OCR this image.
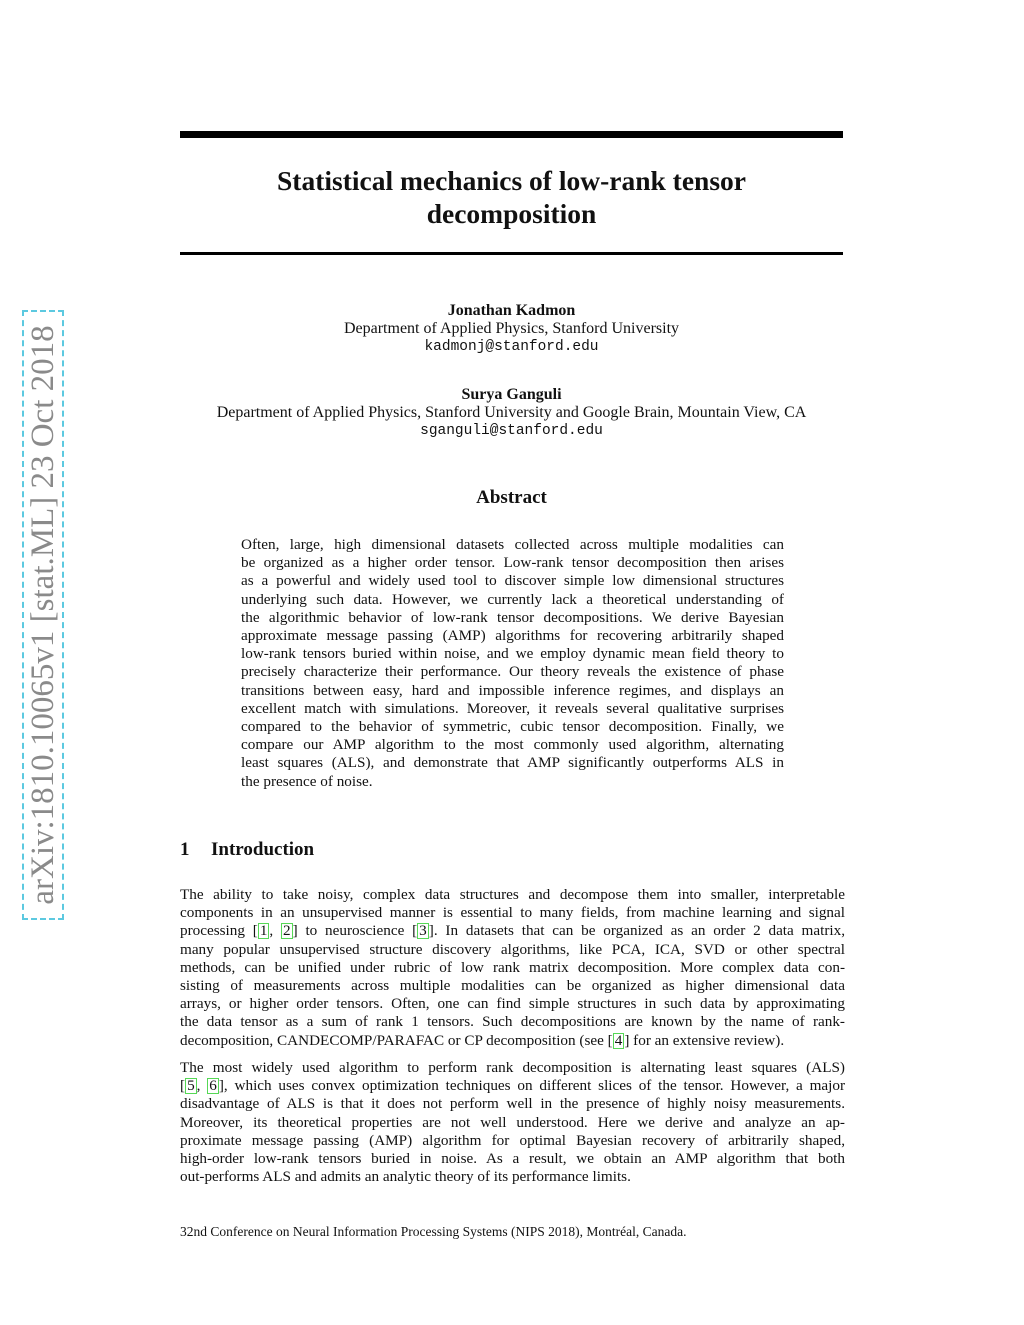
arXiv:1810.10065v1 [stat.ML] 23 Oct 2018
Statistical mechanics of low-rank tensor
decomposition
Jonathan Kadmon
Department of Applied Physics, Stanford University
kadmonj@stanford.edu
Surya Ganguli
Department of Applied Physics, Stanford University and Google Brain, Mountain View, CA
sganguli@stanford.edu
Abstract
Often, large, high dimensional datasets collected across multiple modalities can
be organized as a higher order tensor. Low-rank tensor decomposition then arises
as a powerful and widely used tool to discover simple low dimensional structures
underlying such data. However, we currently lack a theoretical understanding of
the algorithmic behavior of low-rank tensor decompositions. We derive Bayesian
approximate message passing (AMP) algorithms for recovering arbitrarily shaped
low-rank tensors buried within noise, and we employ dynamic mean field theory to
precisely characterize their performance. Our theory reveals the existence of phase
transitions between easy, hard and impossible inference regimes, and displays an
excellent match with simulations. Moreover, it reveals several qualitative surprises
compared to the behavior of symmetric, cubic tensor decomposition. Finally, we
compare our AMP algorithm to the most commonly used algorithm, alternating
least squares (ALS), and demonstrate that AMP significantly outperforms ALS in
the presence of noise.
1 Introduction
The ability to take noisy, complex data structures and decompose them into smaller, interpretable
components in an unsupervised manner is essential to many fields, from machine learning and signal
processing [ 1 , 2 ] to neuroscience [ 3 ]. In datasets that can be organized as an order 2 data matrix,
many popular unsupervised structure discovery algorithms, like PCA, ICA, SVD or other spectral
methods, can be unified under rubric of low rank matrix decomposition. More complex data con-
sisting of measurements across multiple modalities can be organized as higher dimensional data
arrays, or higher order tensors. Often, one can find simple structures in such data by approximating
the data tensor as a sum of rank 1 tensors. Such decompositions are known by the name of rank-
decomposition, CANDECOMP/PARAFAC or CP decomposition (see [ 4 ] for an extensive review).
The most widely used algorithm to perform rank decomposition is alternating least squares (ALS)
[ 5 , 6 ], which uses convex optimization techniques on different slices of the tensor. However, a major
disadvantage of ALS is that it does not perform well in the presence of highly noisy measurements.
Moreover, its theoretical properties are not well understood. Here we derive and analyze an ap-
proximate message passing (AMP) algorithm for optimal Bayesian recovery of arbitrarily shaped,
high-order low-rank tensors buried in noise. As a result, we obtain an AMP algorithm that both
out-performs ALS and admits an analytic theory of its performance limits.
32nd Conference on Neural Information Processing Systems (NIPS 2018), Montréal, Canada.
